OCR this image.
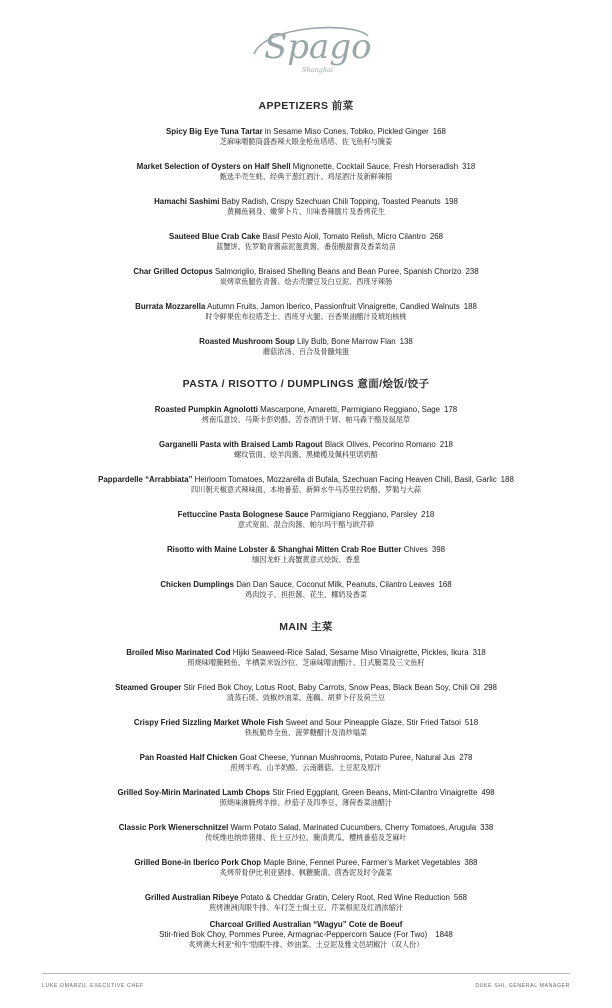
Spago
Shanghai
APPETIZERS 前菜
Spicy Big Eye Tuna Tartar in Sesame Miso Cones, Tobiko, Pickled Ginger 168
芝麻味噌脆筒盛香辣大眼金枪鱼塔塔、佐飞鱼籽与腌姜
Market Selection of Oysters on Half Shell Mignonette, Cocktail Sauce, Fresh Horseradish 318
甄选半壳生蚝、经典干葱红酒汁、鸡尾酒汁及新鲜辣根
Hamachi Sashimi Baby Radish, Crispy Szechuan Chili Topping, Toasted Peanuts 198
黄狮鱼刺身、嫩萝卜片、川味香辣脆片及香烤花生
Sauteed Blue Crab Cake Basil Pesto Aioli, Tomato Relish, Micro Cilantro 268
蓝蟹饼、佐罗勒青酱蒜泥蛋黄酱、番茄酸甜酱及香菜幼苗
Char Grilled Octopus Salmoriglio, Braised Shelling Beans and Bean Puree, Spanish Chorizo 238
炭烤章鱼腿佐青酱、烩去壳腰豆及白豆泥、西班牙辣肠
Burrata Mozzarella Autumn Fruits, Jamon Iberico, Passionfruit Vinaigrette, Candied Walnuts 188
时令鲜果佐布拉塔芝士、西班牙火腿、百香果油醋汁及琥珀核桃
Roasted Mushroom Soup Lily Bulb, Bone Marrow Flan 138
蘑菇浓汤、百合及骨髓炖蛋
PASTA / RISOTTO / DUMPLINGS 意面/烩饭/饺子
Roasted Pumpkin Agnolotti Mascarpone, Amaretti, Parmigiano Reggiano, Sage 178
烤南瓜意饺、马斯卡彭奶酪、苦杏酒饼干屑、帕马森干酪及鼠尾草
Garganelli Pasta with Braised Lamb Ragout Black Olives, Pecorino Romano 218
螺纹管面、烩羊肉酱、黑橄榄及佩科里诺奶酪
Pappardelle “Arrabbiata” Heirloom Tomatoes, Mozzarella di Bufala, Szechuan Facing Heaven Chili, Basil, Garlic 188
四川朝天椒意式辣味面、本地番茄、新鲜水牛马苏里拉奶酪、罗勒与大蒜
Fettuccine Pasta Bolognese Sauce Parmigiano Reggiano, Parsley 218
意式宽面、混合肉酱、帕尔玛干酪与欧芹碎
Risotto with Maine Lobster & Shanghai Mitten Crab Roe Butter Chives 398
缅因龙虾上海蟹黄意式烩饭、香葱
Chicken Dumplings Dan Dan Sauce, Coconut Milk, Peanuts, Cilantro Leaves 168
鸡肉饺子、担担酱、花生、椰奶及香菜
MAIN 主菜
Broiled Miso Marinated Cod Hijiki Seaweed-Rice Salad, Sesame Miso Vinaigrette, Pickles, Ikura 318
照烧味噌腌鳕鱼、羊栖菜米饭沙拉、芝麻味噌油醋汁、日式腌菜及三文鱼籽
Steamed Grouper Stir Fried Bok Choy, Lotus Root, Baby Carrots, Snow Peas, Black Bean Soy, Chili Oil 298
清蒸石斑、豉椒炒油菜、莲藕、胡萝卜仔及荷兰豆
Crispy Fried Sizzling Market Whole Fish Sweet and Sour Pineapple Glaze, Stir Fried Tatsoi 518
铁板脆炸全鱼、菠萝糖醋汁及清炒塌菜
Pan Roasted Half Chicken Goat Cheese, Yunnan Mushrooms, Potato Puree, Natural Jus 278
煎烤半鸡、山羊奶酪、云南蘑菇、土豆泥及原汁
Grilled Soy-Mirin Marinated Lamb Chops Stir Fried Eggplant, Green Beans, Mint-Cilantro Vinaigrette 498
照烧味淋腌烤羊排、炒茄子及四季豆、薄荷香菜油醋汁
Classic Pork Wienerschnitzel Warm Potato Salad, Marinated Cucumbers, Cherry Tomatoes, Arugula 338
传统维也纳炸猪排、佐土豆沙拉、腌渍黄瓜、樱桃番茄及芝麻叶
Grilled Bone-in Iberico Pork Chop Maple Brine, Fennel Puree, Farmer’s Market Vegetables 388
炙烤带骨伊比利亚猪排、枫糖腌渍、茴香泥及时令蔬菜
Grilled Australian Ribeye Potato & Cheddar Gratin, Celery Root, Red Wine Reduction 568
煎烤澳洲肉眼牛排、车打芝士焗土豆、芹菜根泥及红酒浓缩汁
Charcoal Grilled Australian “Wagyu” Cote de Boeuf
Stir-fried Bok Choy, Pommes Puree, Armagnac-Peppercorn Sauce (For Two) 1848
炙烤澳大利亚“和牛”肋眼牛排、炒油菜、土豆泥及雅文邑胡椒汁（双人份）
LUKE OMARZU, EXECUTIVE CHEF	DUKE SHI, GENERAL MANAGER
